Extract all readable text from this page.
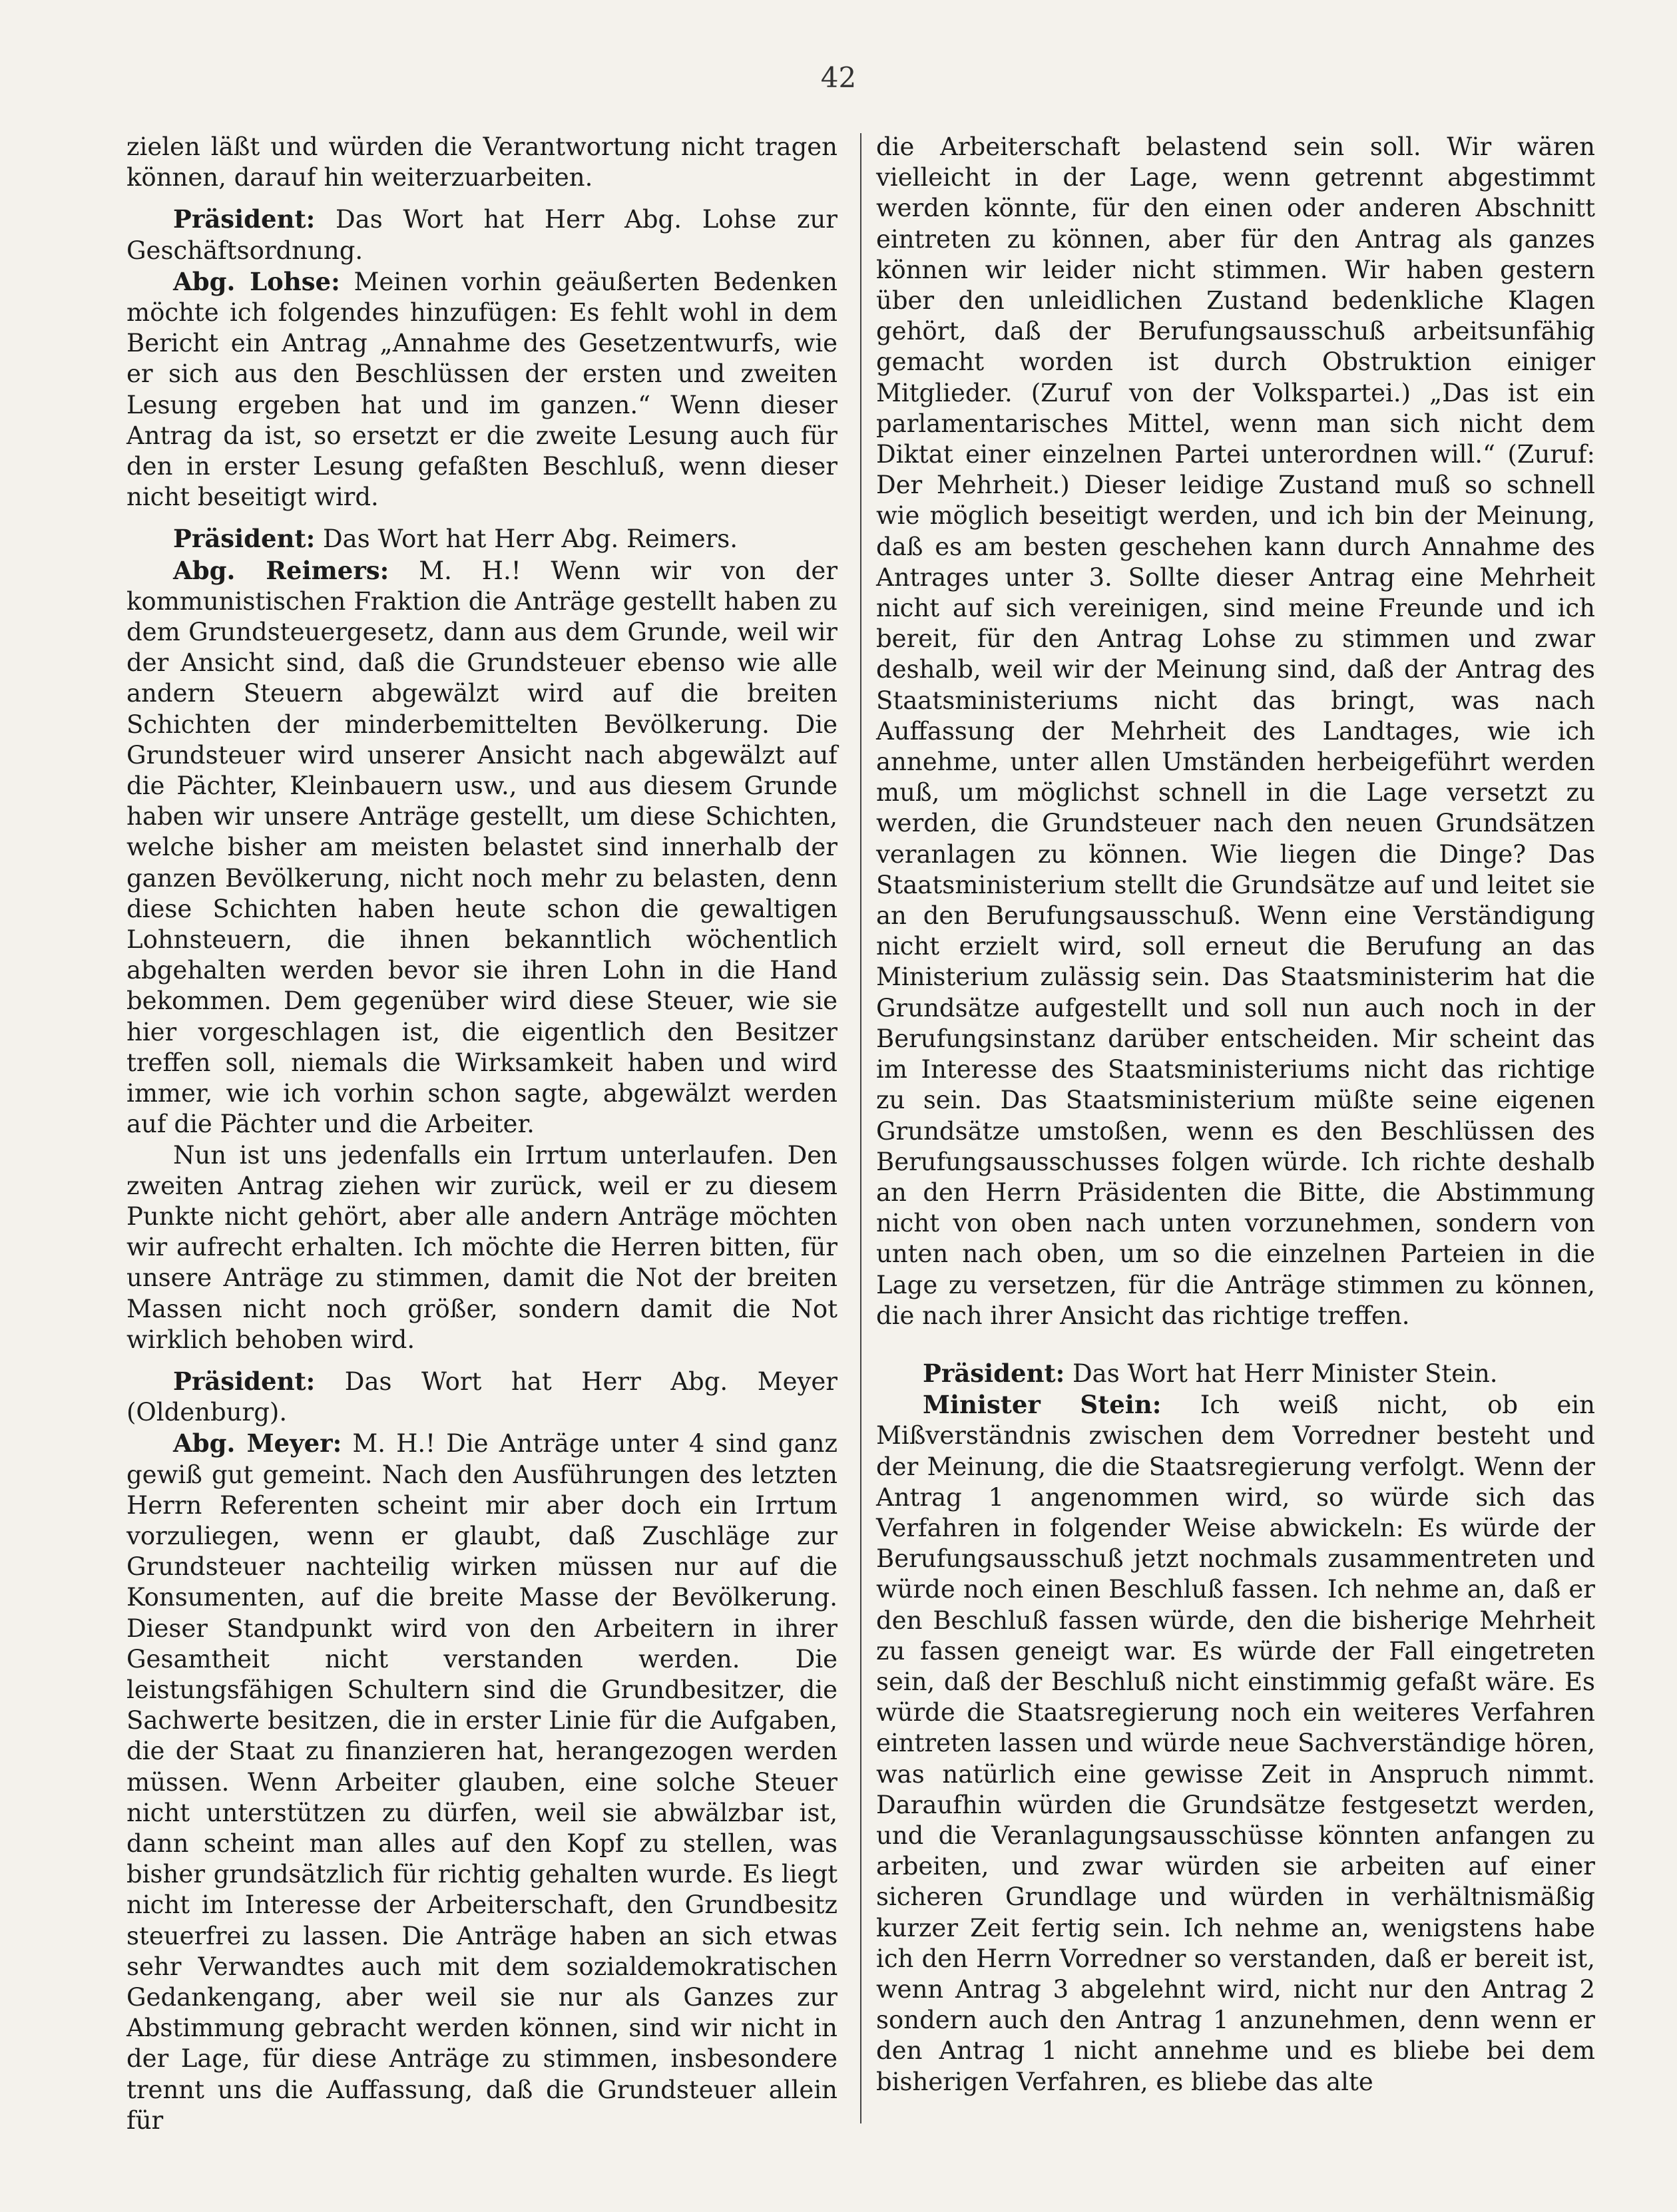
42

zielen läßt und würden die Verantwortung nicht tragen können, darauf hin weiterzuarbeiten.

Präsident: Das Wort hat Herr Abg. Lohse zur Geschäftsordnung.

Abg. Lohse: Meinen vorhin geäußerten Bedenken möchte ich folgendes hinzufügen: Es fehlt wohl in dem Bericht ein Antrag „Annahme des Gesetzentwurfs, wie er sich aus den Beschlüssen der ersten und zweiten Lesung ergeben hat und im ganzen.“ Wenn dieser Antrag da ist, so ersetzt er die zweite Lesung auch für den in erster Lesung gefaßten Beschluß, wenn dieser nicht beseitigt wird.

Präsident: Das Wort hat Herr Abg. Reimers.

Abg. Reimers: M. H.! Wenn wir von der kommunistischen Fraktion die Anträge gestellt haben zu dem Grundsteuergesetz, dann aus dem Grunde, weil wir der Ansicht sind, daß die Grundsteuer ebenso wie alle andern Steuern abgewälzt wird auf die breiten Schichten der minderbemittelten Bevölkerung. Die Grundsteuer wird unserer Ansicht nach abgewälzt auf die Pächter, Kleinbauern usw., und aus diesem Grunde haben wir unsere Anträge gestellt, um diese Schichten, welche bisher am meisten belastet sind innerhalb der ganzen Bevölkerung, nicht noch mehr zu belasten, denn diese Schichten haben heute schon die gewaltigen Lohnsteuern, die ihnen bekanntlich wöchentlich abgehalten werden bevor sie ihren Lohn in die Hand bekommen. Dem gegenüber wird diese Steuer, wie sie hier vorgeschlagen ist, die eigentlich den Besitzer treffen soll, niemals die Wirksamkeit haben und wird immer, wie ich vorhin schon sagte, abgewälzt werden auf die Pächter und die Arbeiter.

Nun ist uns jedenfalls ein Irrtum unterlaufen. Den zweiten Antrag ziehen wir zurück, weil er zu diesem Punkte nicht gehört, aber alle andern Anträge möchten wir aufrecht erhalten. Ich möchte die Herren bitten, für unsere Anträge zu stimmen, damit die Not der breiten Massen nicht noch größer, sondern damit die Not wirklich behoben wird.

Präsident: Das Wort hat Herr Abg. Meyer (Oldenburg).

Abg. Meyer: M. H.! Die Anträge unter 4 sind ganz gewiß gut gemeint. Nach den Ausführungen des letzten Herrn Referenten scheint mir aber doch ein Irrtum vorzuliegen, wenn er glaubt, daß Zuschläge zur Grundsteuer nachteilig wirken müssen nur auf die Konsumenten, auf die breite Masse der Bevölkerung. Dieser Standpunkt wird von den Arbeitern in ihrer Gesamtheit nicht verstanden werden. Die leistungsfähigen Schultern sind die Grundbesitzer, die Sachwerte besitzen, die in erster Linie für die Aufgaben, die der Staat zu finanzieren hat, herangezogen werden müssen. Wenn Arbeiter glauben, eine solche Steuer nicht unterstützen zu dürfen, weil sie abwälzbar ist, dann scheint man alles auf den Kopf zu stellen, was bisher grundsätzlich für richtig gehalten wurde. Es liegt nicht im Interesse der Arbeiterschaft, den Grundbesitz steuerfrei zu lassen. Die Anträge haben an sich etwas sehr Verwandtes auch mit dem sozialdemokratischen Gedankengang, aber weil sie nur als Ganzes zur Abstimmung gebracht werden können, sind wir nicht in der Lage, für diese Anträge zu stimmen, insbesondere trennt uns die Auffassung, daß die Grundsteuer allein für

die Arbeiterschaft belastend sein soll. Wir wären vielleicht in der Lage, wenn getrennt abgestimmt werden könnte, für den einen oder anderen Abschnitt eintreten zu können, aber für den Antrag als ganzes können wir leider nicht stimmen. Wir haben gestern über den unleidlichen Zustand bedenkliche Klagen gehört, daß der Berufungsausschuß arbeitsunfähig gemacht worden ist durch Obstruktion einiger Mitglieder. (Zuruf von der Volkspartei.) „Das ist ein parlamentarisches Mittel, wenn man sich nicht dem Diktat einer einzelnen Partei unterordnen will.“ (Zuruf: Der Mehrheit.) Dieser leidige Zustand muß so schnell wie möglich beseitigt werden, und ich bin der Meinung, daß es am besten geschehen kann durch Annahme des Antrages unter 3. Sollte dieser Antrag eine Mehrheit nicht auf sich vereinigen, sind meine Freunde und ich bereit, für den Antrag Lohse zu stimmen und zwar deshalb, weil wir der Meinung sind, daß der Antrag des Staatsministeriums nicht das bringt, was nach Auffassung der Mehrheit des Landtages, wie ich annehme, unter allen Umständen herbeigeführt werden muß, um möglichst schnell in die Lage versetzt zu werden, die Grundsteuer nach den neuen Grundsätzen veranlagen zu können. Wie liegen die Dinge? Das Staatsministerium stellt die Grundsätze auf und leitet sie an den Berufungsausschuß. Wenn eine Verständigung nicht erzielt wird, soll erneut die Berufung an das Ministerium zulässig sein. Das Staatsministerim hat die Grundsätze aufgestellt und soll nun auch noch in der Berufungsinstanz darüber entscheiden. Mir scheint das im Interesse des Staatsministeriums nicht das richtige zu sein. Das Staatsministerium müßte seine eigenen Grundsätze umstoßen, wenn es den Beschlüssen des Berufungsausschusses folgen würde. Ich richte deshalb an den Herrn Präsidenten die Bitte, die Abstimmung nicht von oben nach unten vorzunehmen, sondern von unten nach oben, um so die einzelnen Parteien in die Lage zu versetzen, für die Anträge stimmen zu können, die nach ihrer Ansicht das richtige treffen.

Präsident: Das Wort hat Herr Minister Stein.

Minister Stein: Ich weiß nicht, ob ein Mißverständnis zwischen dem Vorredner besteht und der Meinung, die die Staatsregierung verfolgt. Wenn der Antrag 1 angenommen wird, so würde sich das Verfahren in folgender Weise abwickeln: Es würde der Berufungsausschuß jetzt nochmals zusammentreten und würde noch einen Beschluß fassen. Ich nehme an, daß er den Beschluß fassen würde, den die bisherige Mehrheit zu fassen geneigt war. Es würde der Fall eingetreten sein, daß der Beschluß nicht einstimmig gefaßt wäre. Es würde die Staatsregierung noch ein weiteres Verfahren eintreten lassen und würde neue Sachverständige hören, was natürlich eine gewisse Zeit in Anspruch nimmt. Daraufhin würden die Grundsätze festgesetzt werden, und die Veranlagungsausschüsse könnten anfangen zu arbeiten, und zwar würden sie arbeiten auf einer sicheren Grundlage und würden in verhältnismäßig kurzer Zeit fertig sein. Ich nehme an, wenigstens habe ich den Herrn Vorredner so verstanden, daß er bereit ist, wenn Antrag 3 abgelehnt wird, nicht nur den Antrag 2 sondern auch den Antrag 1 anzunehmen, denn wenn er den Antrag 1 nicht annehme und es bliebe bei dem bisherigen Verfahren, es bliebe das alte
